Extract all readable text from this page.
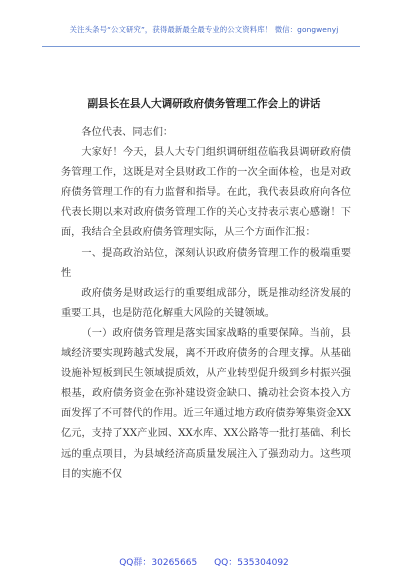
关注头条号“公文研究”，获得最新最全最专业的公文资料库！ 微信：gongwenyj
副县长在县人大调研政府债务管理工作会上的讲话

各位代表、同志们：

大家好！今天，县人大专门组织调研组莅临我县调研政府债务管理工作，这既是对全县财政工作的一次全面体检，也是对政府债务管理工作的有力监督和指导。在此，我代表县政府向各位代表长期以来对政府债务管理工作的关心支持表示衷心感谢！下面，我结合全县政府债务管理实际，从三个方面作汇报：

一、提高政治站位，深刻认识政府债务管理工作的极端重要性

政府债务是财政运行的重要组成部分，既是推动经济发展的重要工具，也是防范化解重大风险的关键领域。

（一）政府债务管理是落实国家战略的重要保障。当前，县域经济要实现跨越式发展，离不开政府债务的合理支撑。从基础设施补短板到民生领域提质效，从产业转型促升级到乡村振兴强根基，政府债务资金在弥补建设资金缺口、撬动社会资本投入方面发挥了不可替代的作用。近三年通过地方政府债券筹集资金XX亿元，支持了XX产业园、XX水库、XX公路等一批打基础、利长远的重点项目，为县域经济高质量发展注入了强劲动力。这些项目的实施不仅

QQ群：30265665 QQ：535304092
